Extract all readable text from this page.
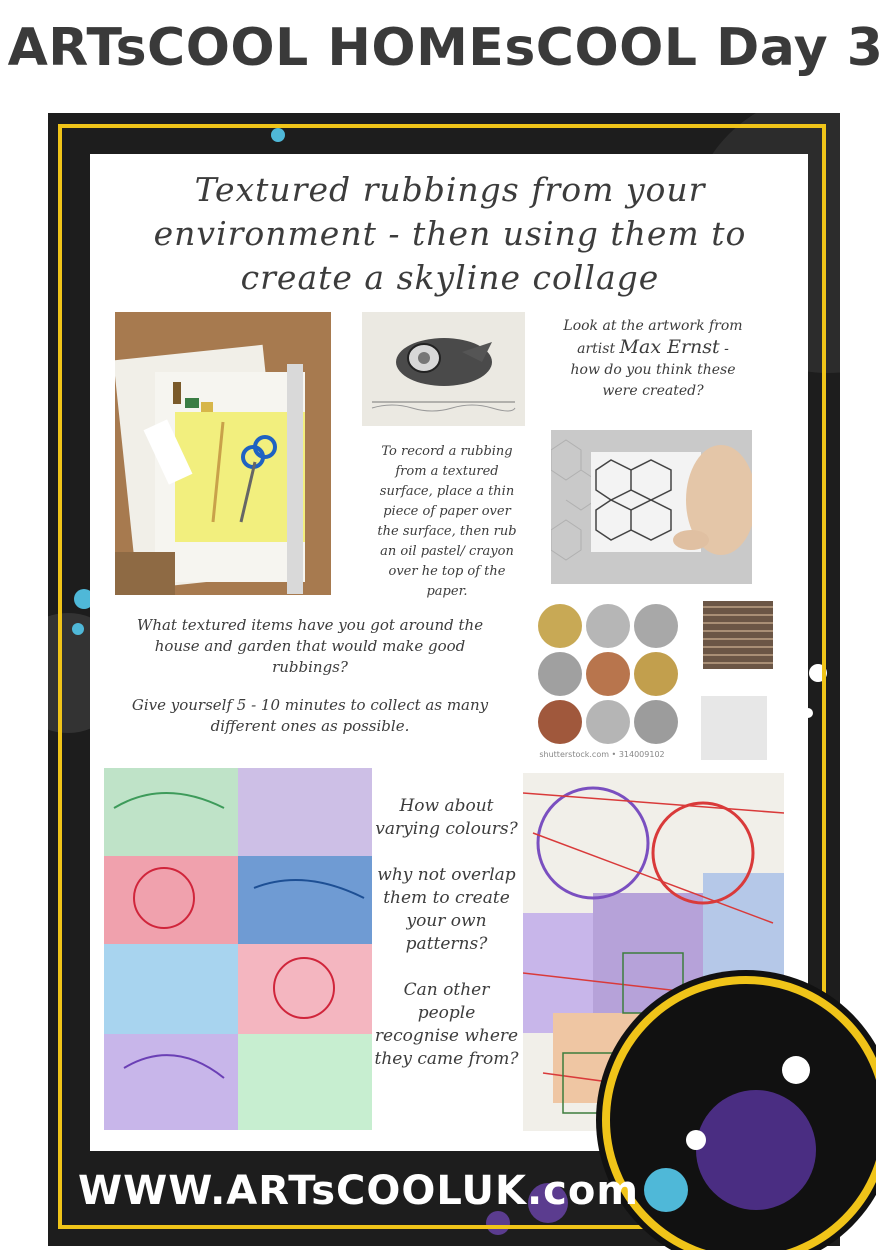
ARTsCOOL HOMEsCOOL Day 3
Textured rubbings from your environment - then using them to create a skyline collage
Look at the artwork from
artist Max Ernst -
how do you think these
were created?
To record a rubbing from a textured surface, place a thin piece of paper over the surface, then rub an oil pastel/ crayon over he top of the paper.
What textured items have you got around the house and garden that would make good rubbings?
Give yourself 5 - 10 minutes to collect as many different ones as possible.
shutterstock.com • 314009102
How about varying colours?
why not overlap them to create your own patterns?
Can other people recognise where they came from?
WWW.ARTsCOOLUK.com
